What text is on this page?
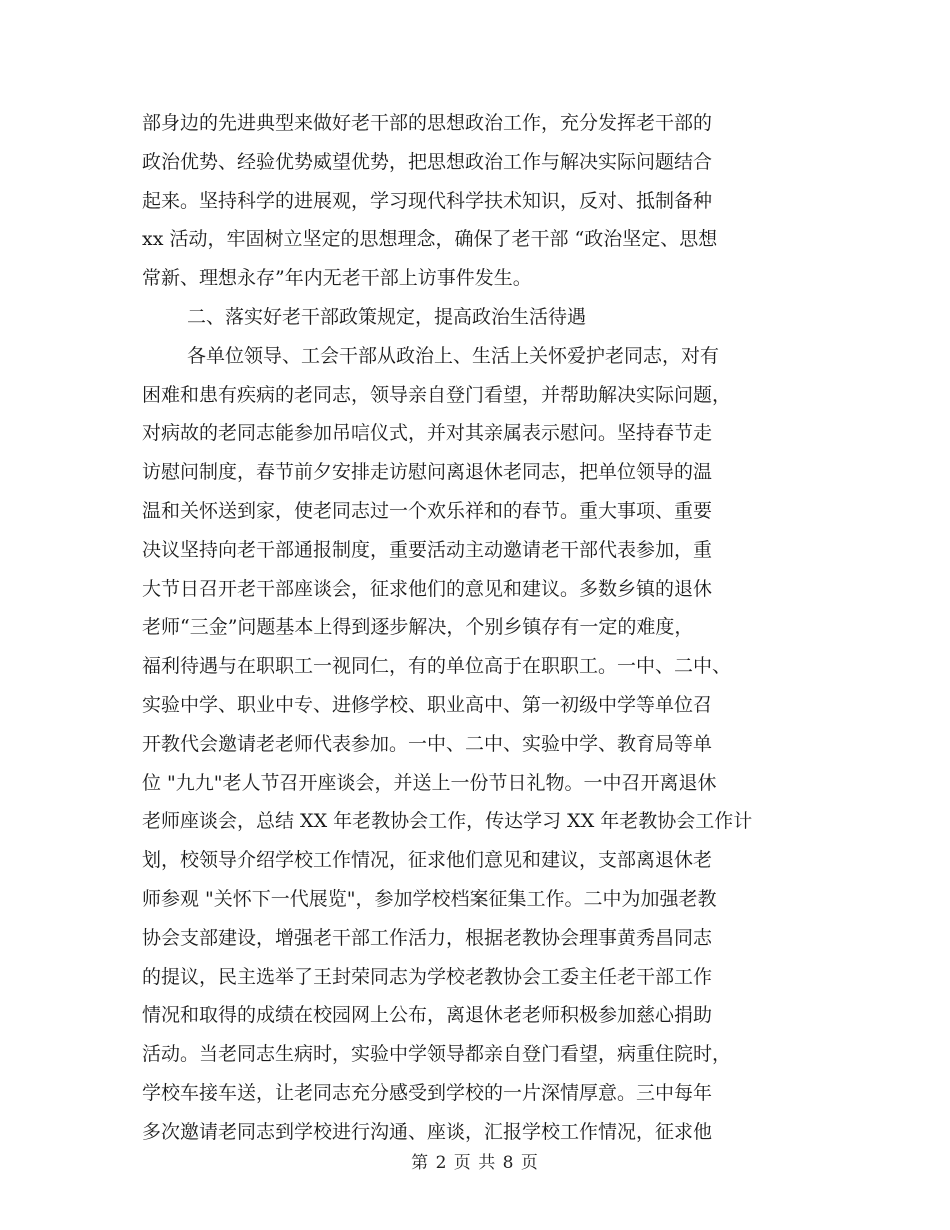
部身边的先进典型来做好老干部的思想政治工作，充分发挥老干部的
政治优势、经验优势威望优势，把思想政治工作与解决实际问题结合
起来。坚持科学的进展观，学习现代科学扶术知识，反对、抵制备种
xx 活动，牢固树立坚定的思想理念，确保了老干部 “政治坚定、思想
常新、理想永存”年内无老干部上访事件发生。
二、落实好老干部政策规定，提高政治生活待遇
各单位领导、工会干部从政治上、生活上关怀爱护老同志，对有
困难和患有疾病的老同志，领导亲自登门看望，并帮助解决实际问题，
对病故的老同志能参加吊唁仪式，并对其亲属表示慰问。坚持春节走
访慰问制度，春节前夕安排走访慰问离退休老同志，把单位领导的温
温和关怀送到家，使老同志过一个欢乐祥和的春节。重大事项、重要
决议坚持向老干部通报制度，重要活动主动邀请老干部代表参加，重
大节日召开老干部座谈会，征求他们的意见和建议。多数乡镇的退休
老师“三金”问题基本上得到逐步解决，个别乡镇存有一定的难度，
福利待遇与在职职工一视同仁，有的单位高于在职职工。一中、二中、
实验中学、职业中专、进修学校、职业高中、第一初级中学等单位召
开教代会邀请老老师代表参加。一中、二中、实验中学、教育局等单
位 "九九"老人节召开座谈会，并送上一份节日礼物。一中召开离退休
老师座谈会，总结 XX 年老教协会工作，传达学习 XX 年老教协会工作计
划，校领导介绍学校工作情况，征求他们意见和建议，支部离退休老
师参观 "关怀下一代展览"，参加学校档案征集工作。二中为加强老教
协会支部建设，增强老干部工作活力，根据老教协会理事黄秀昌同志
的提议，民主选举了王封荣同志为学校老教协会工委主任老干部工作
情况和取得的成绩在校园网上公布，离退休老老师积极参加慈心捐助
活动。当老同志生病时，实验中学领导都亲自登门看望，病重住院时，
学校车接车送，让老同志充分感受到学校的一片深情厚意。三中每年
多次邀请老同志到学校进行沟通、座谈，汇报学校工作情况，征求他
第 2 页 共 8 页
